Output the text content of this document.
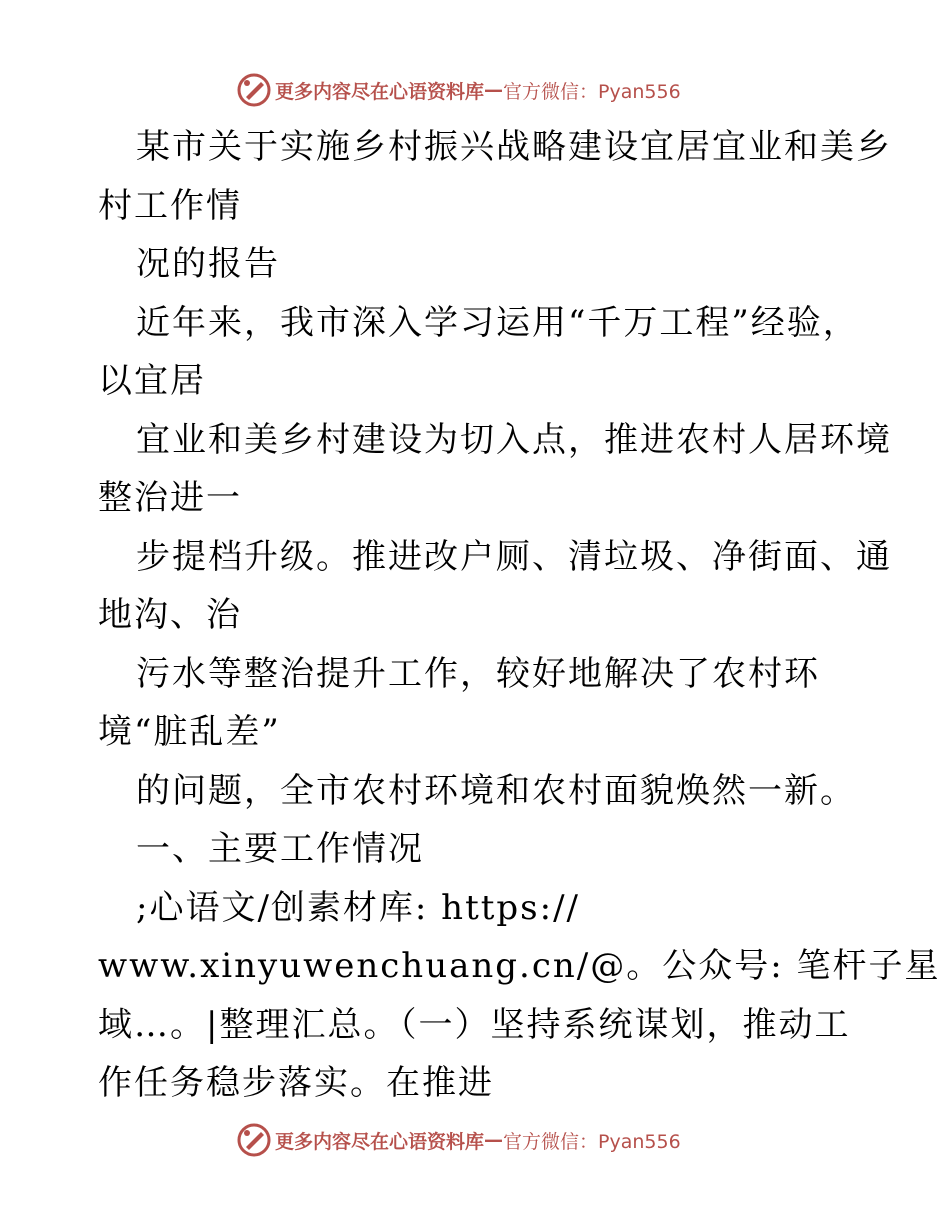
更多内容尽在心语资料库 — 官方微信：Pyan556
某市关于实施乡村振兴战略建设宜居宜业和美乡
村工作情
况的报告
近年来，我市深入学习运用“千万工程”经验，
以宜居
宜业和美乡村建设为切入点，推进农村人居环境
整治进一
步提档升级。推进改户厕、清垃圾、净街面、通
地沟、治
污水等整治提升工作，较好地解决了农村环
境“脏乱差”
的问题，全市农村环境和农村面貌焕然一新。
一、主要工作情况
;心语文/创素材库: https://
www.xinyuwenchuang.cn/@。公众号: 笔杆子星
域…。|整理汇总。（一）坚持系统谋划，推动工
作任务稳步落实。在推进
更多内容尽在心语资料库 — 官方微信：Pyan556
